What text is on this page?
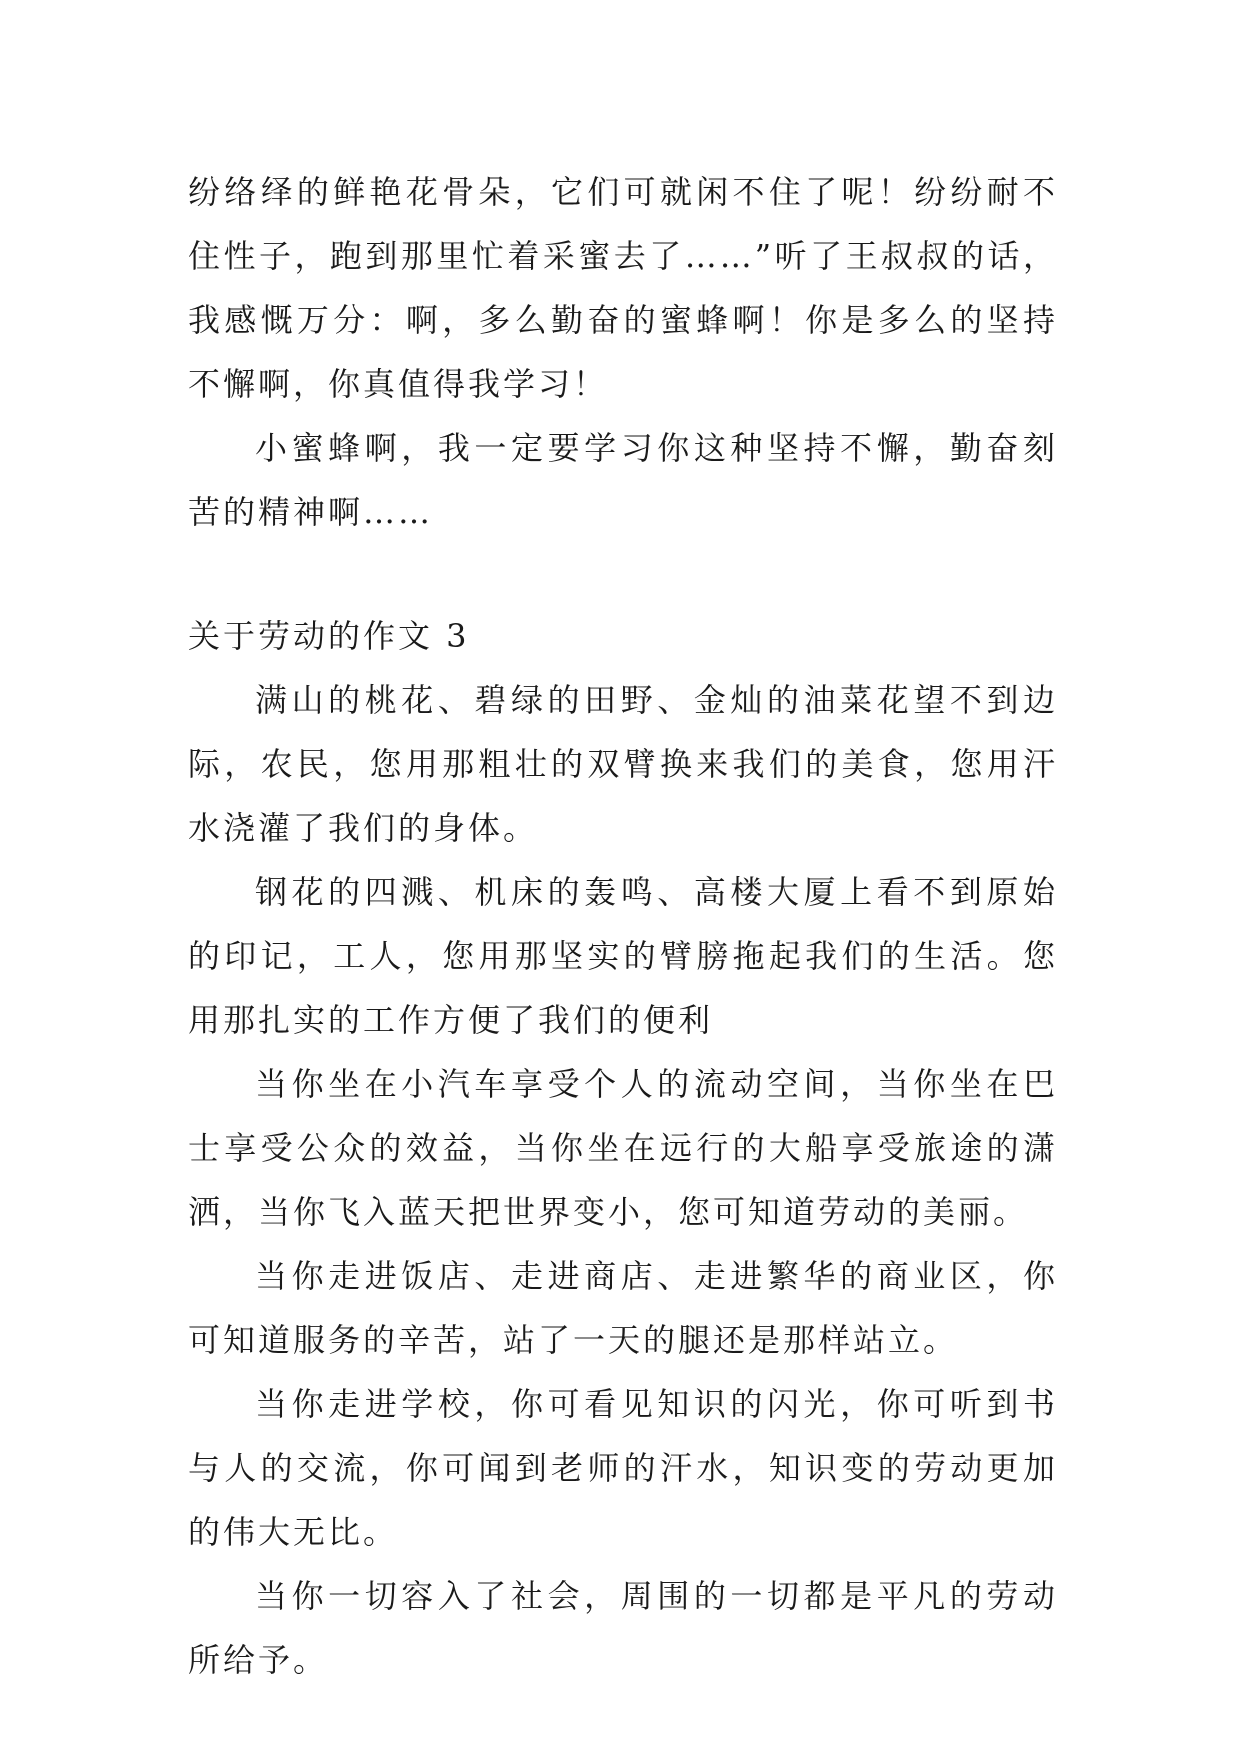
纷络绎的鲜艳花骨朵，它们可就闲不住了呢！纷纷耐不住性子，跑到那里忙着采蜜去了……”听了王叔叔的话，我感慨万分：啊，多么勤奋的蜜蜂啊！你是多么的坚持不懈啊，你真值得我学习！

小蜜蜂啊，我一定要学习你这种坚持不懈，勤奋刻苦的精神啊……

关于劳动的作文 3

满山的桃花、碧绿的田野、金灿的油菜花望不到边际，农民，您用那粗壮的双臂换来我们的美食，您用汗水浇灌了我们的身体。

钢花的四溅、机床的轰鸣、高楼大厦上看不到原始的印记，工人，您用那坚实的臂膀拖起我们的生活。您用那扎实的工作方便了我们的便利

当你坐在小汽车享受个人的流动空间，当你坐在巴士享受公众的效益，当你坐在远行的大船享受旅途的潇洒，当你飞入蓝天把世界变小，您可知道劳动的美丽。

当你走进饭店、走进商店、走进繁华的商业区，你可知道服务的辛苦，站了一天的腿还是那样站立。

当你走进学校，你可看见知识的闪光，你可听到书与人的交流，你可闻到老师的汗水，知识变的劳动更加的伟大无比。

当你一切容入了社会，周围的一切都是平凡的劳动所给予。
